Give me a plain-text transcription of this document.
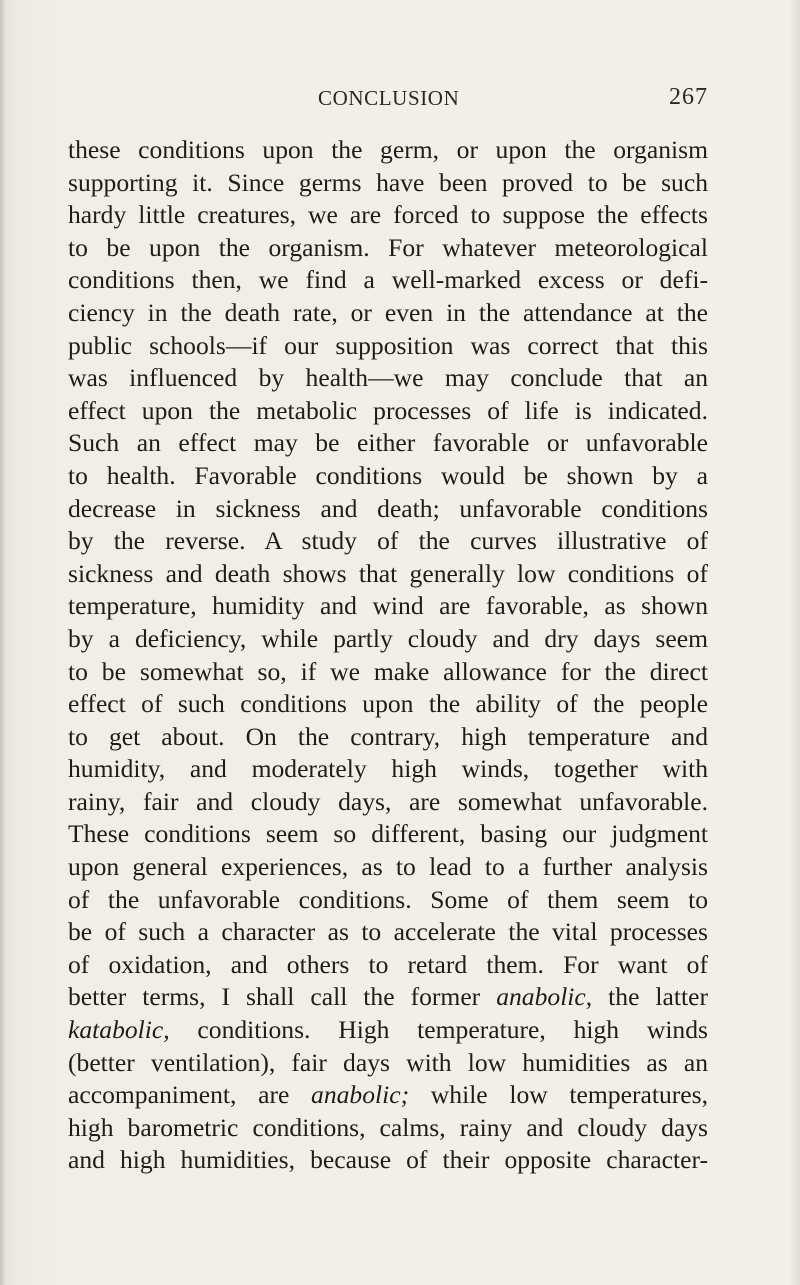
CONCLUSION	267
these conditions upon the germ, or upon the organism
supporting it. Since germs have been proved to be such
hardy little creatures, we are forced to suppose the effects
to be upon the organism. For whatever meteorological
conditions then, we find a well-marked excess or defi-
ciency in the death rate, or even in the attendance at the
public schools—if our supposition was correct that this
was influenced by health—we may conclude that an
effect upon the metabolic processes of life is indicated.
Such an effect may be either favorable or unfavorable
to health. Favorable conditions would be shown by a
decrease in sickness and death; unfavorable conditions
by the reverse. A study of the curves illustrative of
sickness and death shows that generally low conditions of
temperature, humidity and wind are favorable, as shown
by a deficiency, while partly cloudy and dry days seem
to be somewhat so, if we make allowance for the direct
effect of such conditions upon the ability of the people
to get about. On the contrary, high temperature and
humidity, and moderately high winds, together with
rainy, fair and cloudy days, are somewhat unfavorable.
These conditions seem so different, basing our judgment
upon general experiences, as to lead to a further analysis
of the unfavorable conditions. Some of them seem to
be of such a character as to accelerate the vital processes
of oxidation, and others to retard them. For want of
better terms, I shall call the former anabolic, the latter
katabolic, conditions. High temperature, high winds
(better ventilation), fair days with low humidities as an
accompaniment, are anabolic; while low temperatures,
high barometric conditions, calms, rainy and cloudy days
and high humidities, because of their opposite character-
